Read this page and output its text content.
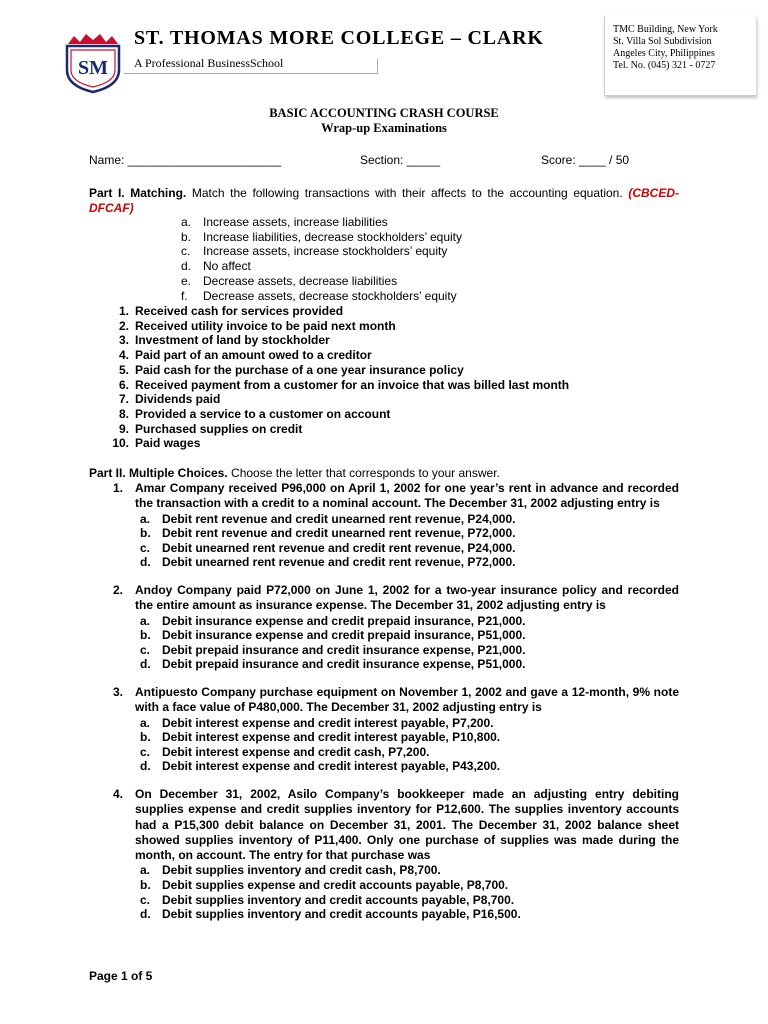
SM
ST. THOMAS MORE COLLEGE – CLARK
A Professional BusinessSchool
TMC Building, New York
St. Villa Sol Subdivision
Angeles City, Philippines
Tel. No. (045) 321 - 0727
BASIC ACCOUNTING CRASH COURSE
Wrap-up Examinations
Name: _______________________	Section: _____	Score: ____ / 50
Part I. Matching. Match the following transactions with their affects to the accounting equation. (CBCED-DFCAF)
a. Increase assets, increase liabilities
b. Increase liabilities, decrease stockholders’ equity
c. Increase assets, increase stockholders’ equity
d. No affect
e. Decrease assets, decrease liabilities
f. Decrease assets, decrease stockholders’ equity
1. Received cash for services provided
2. Received utility invoice to be paid next month
3. Investment of land by stockholder
4. Paid part of an amount owed to a creditor
5. Paid cash for the purchase of a one year insurance policy
6. Received payment from a customer for an invoice that was billed last month
7. Dividends paid
8. Provided a service to a customer on account
9. Purchased supplies on credit
10. Paid wages
Part II. Multiple Choices. Choose the letter that corresponds to your answer.
1. Amar Company received P96,000 on April 1, 2002 for one year’s rent in advance and recorded the transaction with a credit to a nominal account. The December 31, 2002 adjusting entry is
a. Debit rent revenue and credit unearned rent revenue, P24,000.
b. Debit rent revenue and credit unearned rent revenue, P72,000.
c. Debit unearned rent revenue and credit rent revenue, P24,000.
d. Debit unearned rent revenue and credit rent revenue, P72,000.
2. Andoy Company paid P72,000 on June 1, 2002 for a two-year insurance policy and recorded the entire amount as insurance expense. The December 31, 2002 adjusting entry is
a. Debit insurance expense and credit prepaid insurance, P21,000.
b. Debit insurance expense and credit prepaid insurance, P51,000.
c. Debit prepaid insurance and credit insurance expense, P21,000.
d. Debit prepaid insurance and credit insurance expense, P51,000.
3. Antipuesto Company purchase equipment on November 1, 2002 and gave a 12-month, 9% note with a face value of P480,000. The December 31, 2002 adjusting entry is
a. Debit interest expense and credit interest payable, P7,200.
b. Debit interest expense and credit interest payable, P10,800.
c. Debit interest expense and credit cash, P7,200.
d. Debit interest expense and credit interest payable, P43,200.
4. On December 31, 2002, Asilo Company’s bookkeeper made an adjusting entry debiting supplies expense and credit supplies inventory for P12,600. The supplies inventory accounts had a P15,300 debit balance on December 31, 2001. The December 31, 2002 balance sheet showed supplies inventory of P11,400. Only one purchase of supplies was made during the month, on account. The entry for that purchase was
a. Debit supplies inventory and credit cash, P8,700.
b. Debit supplies expense and credit accounts payable, P8,700.
c. Debit supplies inventory and credit accounts payable, P8,700.
d. Debit supplies inventory and credit accounts payable, P16,500.
Page 1 of 5
